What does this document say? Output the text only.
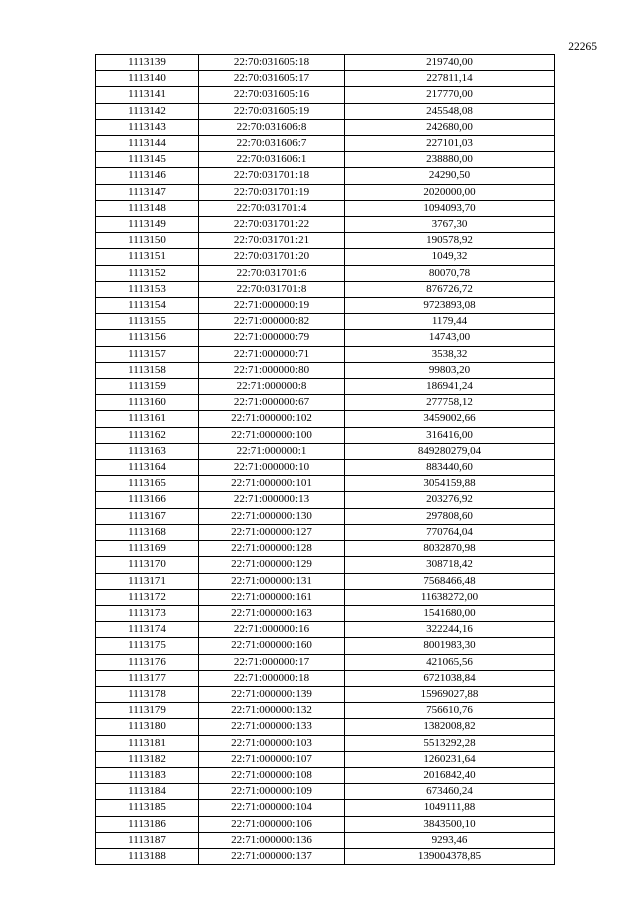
22265
1113139	22:70:031605:18	219740,00
1113140	22:70:031605:17	227811,14
1113141	22:70:031605:16	217770,00
1113142	22:70:031605:19	245548,08
1113143	22:70:031606:8	242680,00
1113144	22:70:031606:7	227101,03
1113145	22:70:031606:1	238880,00
1113146	22:70:031701:18	24290,50
1113147	22:70:031701:19	2020000,00
1113148	22:70:031701:4	1094093,70
1113149	22:70:031701:22	3767,30
1113150	22:70:031701:21	190578,92
1113151	22:70:031701:20	1049,32
1113152	22:70:031701:6	80070,78
1113153	22:70:031701:8	876726,72
1113154	22:71:000000:19	9723893,08
1113155	22:71:000000:82	1179,44
1113156	22:71:000000:79	14743,00
1113157	22:71:000000:71	3538,32
1113158	22:71:000000:80	99803,20
1113159	22:71:000000:8	186941,24
1113160	22:71:000000:67	277758,12
1113161	22:71:000000:102	3459002,66
1113162	22:71:000000:100	316416,00
1113163	22:71:000000:1	849280279,04
1113164	22:71:000000:10	883440,60
1113165	22:71:000000:101	3054159,88
1113166	22:71:000000:13	203276,92
1113167	22:71:000000:130	297808,60
1113168	22:71:000000:127	770764,04
1113169	22:71:000000:128	8032870,98
1113170	22:71:000000:129	308718,42
1113171	22:71:000000:131	7568466,48
1113172	22:71:000000:161	11638272,00
1113173	22:71:000000:163	1541680,00
1113174	22:71:000000:16	322244,16
1113175	22:71:000000:160	8001983,30
1113176	22:71:000000:17	421065,56
1113177	22:71:000000:18	6721038,84
1113178	22:71:000000:139	15969027,88
1113179	22:71:000000:132	756610,76
1113180	22:71:000000:133	1382008,82
1113181	22:71:000000:103	5513292,28
1113182	22:71:000000:107	1260231,64
1113183	22:71:000000:108	2016842,40
1113184	22:71:000000:109	673460,24
1113185	22:71:000000:104	1049111,88
1113186	22:71:000000:106	3843500,10
1113187	22:71:000000:136	9293,46
1113188	22:71:000000:137	139004378,85
